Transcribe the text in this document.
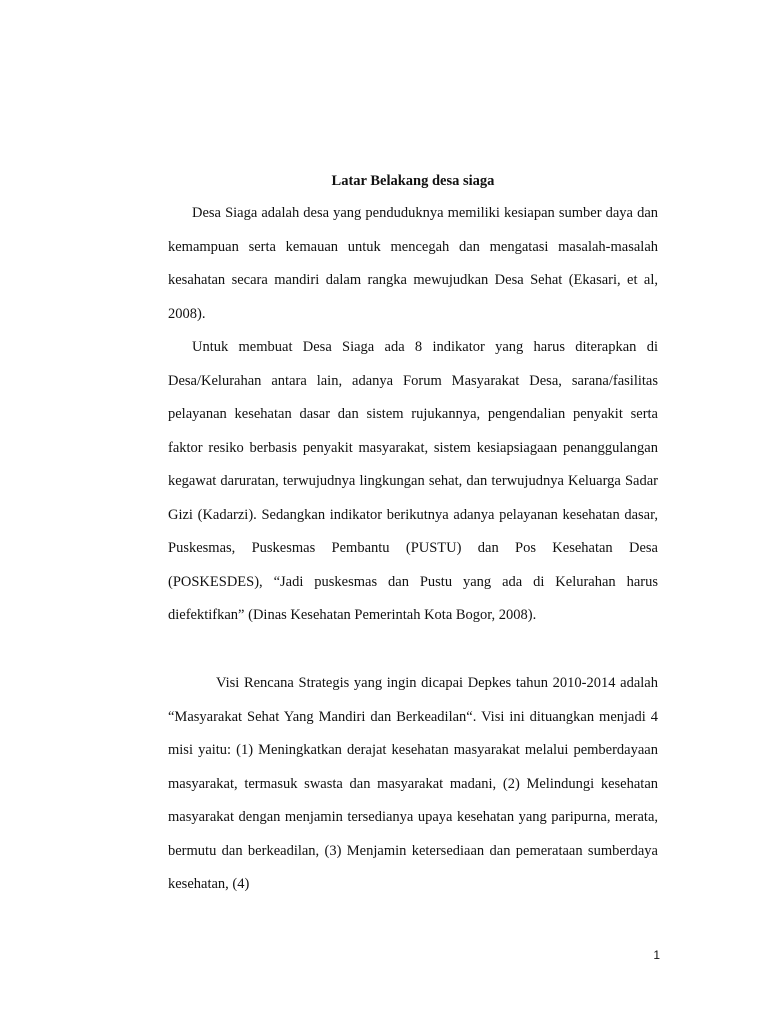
Latar Belakang desa siaga

Desa Siaga adalah desa yang penduduknya memiliki kesiapan sumber daya dan kemampuan serta kemauan untuk mencegah dan mengatasi masalah-masalah kesahatan secara mandiri dalam rangka mewujudkan Desa Sehat (Ekasari, et al, 2008).

Untuk membuat Desa Siaga ada 8 indikator yang harus diterapkan di Desa/Kelurahan antara lain, adanya Forum Masyarakat Desa, sarana/fasilitas pelayanan kesehatan dasar dan sistem rujukannya, pengendalian penyakit serta faktor resiko berbasis penyakit masyarakat, sistem kesiapsiagaan penanggulangan kegawat daruratan, terwujudnya lingkungan sehat, dan terwujudnya Keluarga Sadar Gizi (Kadarzi). Sedangkan indikator berikutnya adanya pelayanan kesehatan dasar, Puskesmas, Puskesmas Pembantu (PUSTU) dan Pos Kesehatan Desa (POSKESDES), “Jadi puskesmas dan Pustu yang ada di Kelurahan harus diefektifkan” (Dinas Kesehatan Pemerintah Kota Bogor, 2008).

Visi Rencana Strategis yang ingin dicapai Depkes tahun 2010-2014 adalah “Masyarakat Sehat Yang Mandiri dan Berkeadilan“. Visi ini dituangkan menjadi 4 misi yaitu: (1) Meningkatkan derajat kesehatan masyarakat melalui pemberdayaan masyarakat, termasuk swasta dan masyarakat madani, (2) Melindungi kesehatan masyarakat dengan menjamin tersedianya upaya kesehatan yang paripurna, merata, bermutu dan berkeadilan, (3) Menjamin ketersediaan dan pemerataan sumberdaya kesehatan, (4)

1
